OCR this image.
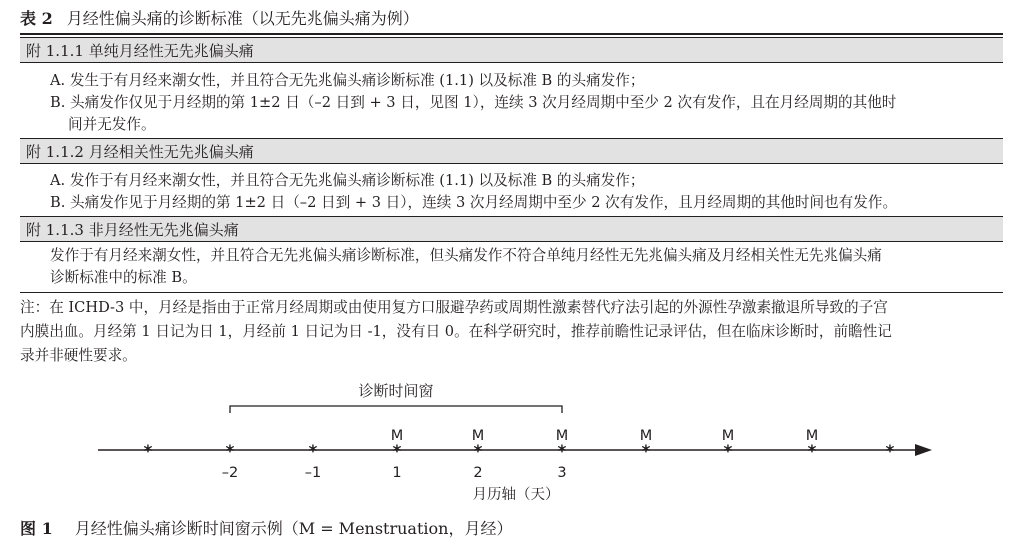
表 2 月经性偏头痛的诊断标准（以无先兆偏头痛为例）
附 1.1.1 单纯月经性无先兆偏头痛
A. 发生于有月经来潮女性，并且符合无先兆偏头痛诊断标准 (1.1) 以及标准 B 的头痛发作；
B. 头痛发作仅见于月经期的第 1±2 日（–2 日到 + 3 日，见图 1），连续 3 次月经周期中至少 2 次有发作，且在月经周期的其他时
间并无发作。
附 1.1.2 月经相关性无先兆偏头痛
A. 发作于有月经来潮女性，并且符合无先兆偏头痛诊断标准 (1.1) 以及标准 B 的头痛发作；
B. 头痛发作见于月经期的第 1±2 日（–2 日到 + 3 日），连续 3 次月经周期中至少 2 次有发作，且月经周期的其他时间也有发作。
附 1.1.3 非月经性无先兆偏头痛
发作于有月经来潮女性，并且符合无先兆偏头痛诊断标准，但头痛发作不符合单纯月经性无先兆偏头痛及月经相关性无先兆偏头痛
诊断标准中的标准 B。
注：在 ICHD-3 中，月经是指由于正常月经周期或由使用复方口服避孕药或周期性激素替代疗法引起的外源性孕激素撤退所导致的子宫
内膜出血。月经第 1 日记为日 1，月经前 1 日记为日 -1，没有日 0。在科学研究时，推荐前瞻性记录评估，但在临床诊断时，前瞻性记
录并非硬性要求。
诊断时间窗
*	*	*	*	*	*	*	*	*	*
–2	–1	1	2	3
M	M	M	M	M	M
月历轴（天）
图 1 月经性偏头痛诊断时间窗示例（M = Menstruation，月经）
